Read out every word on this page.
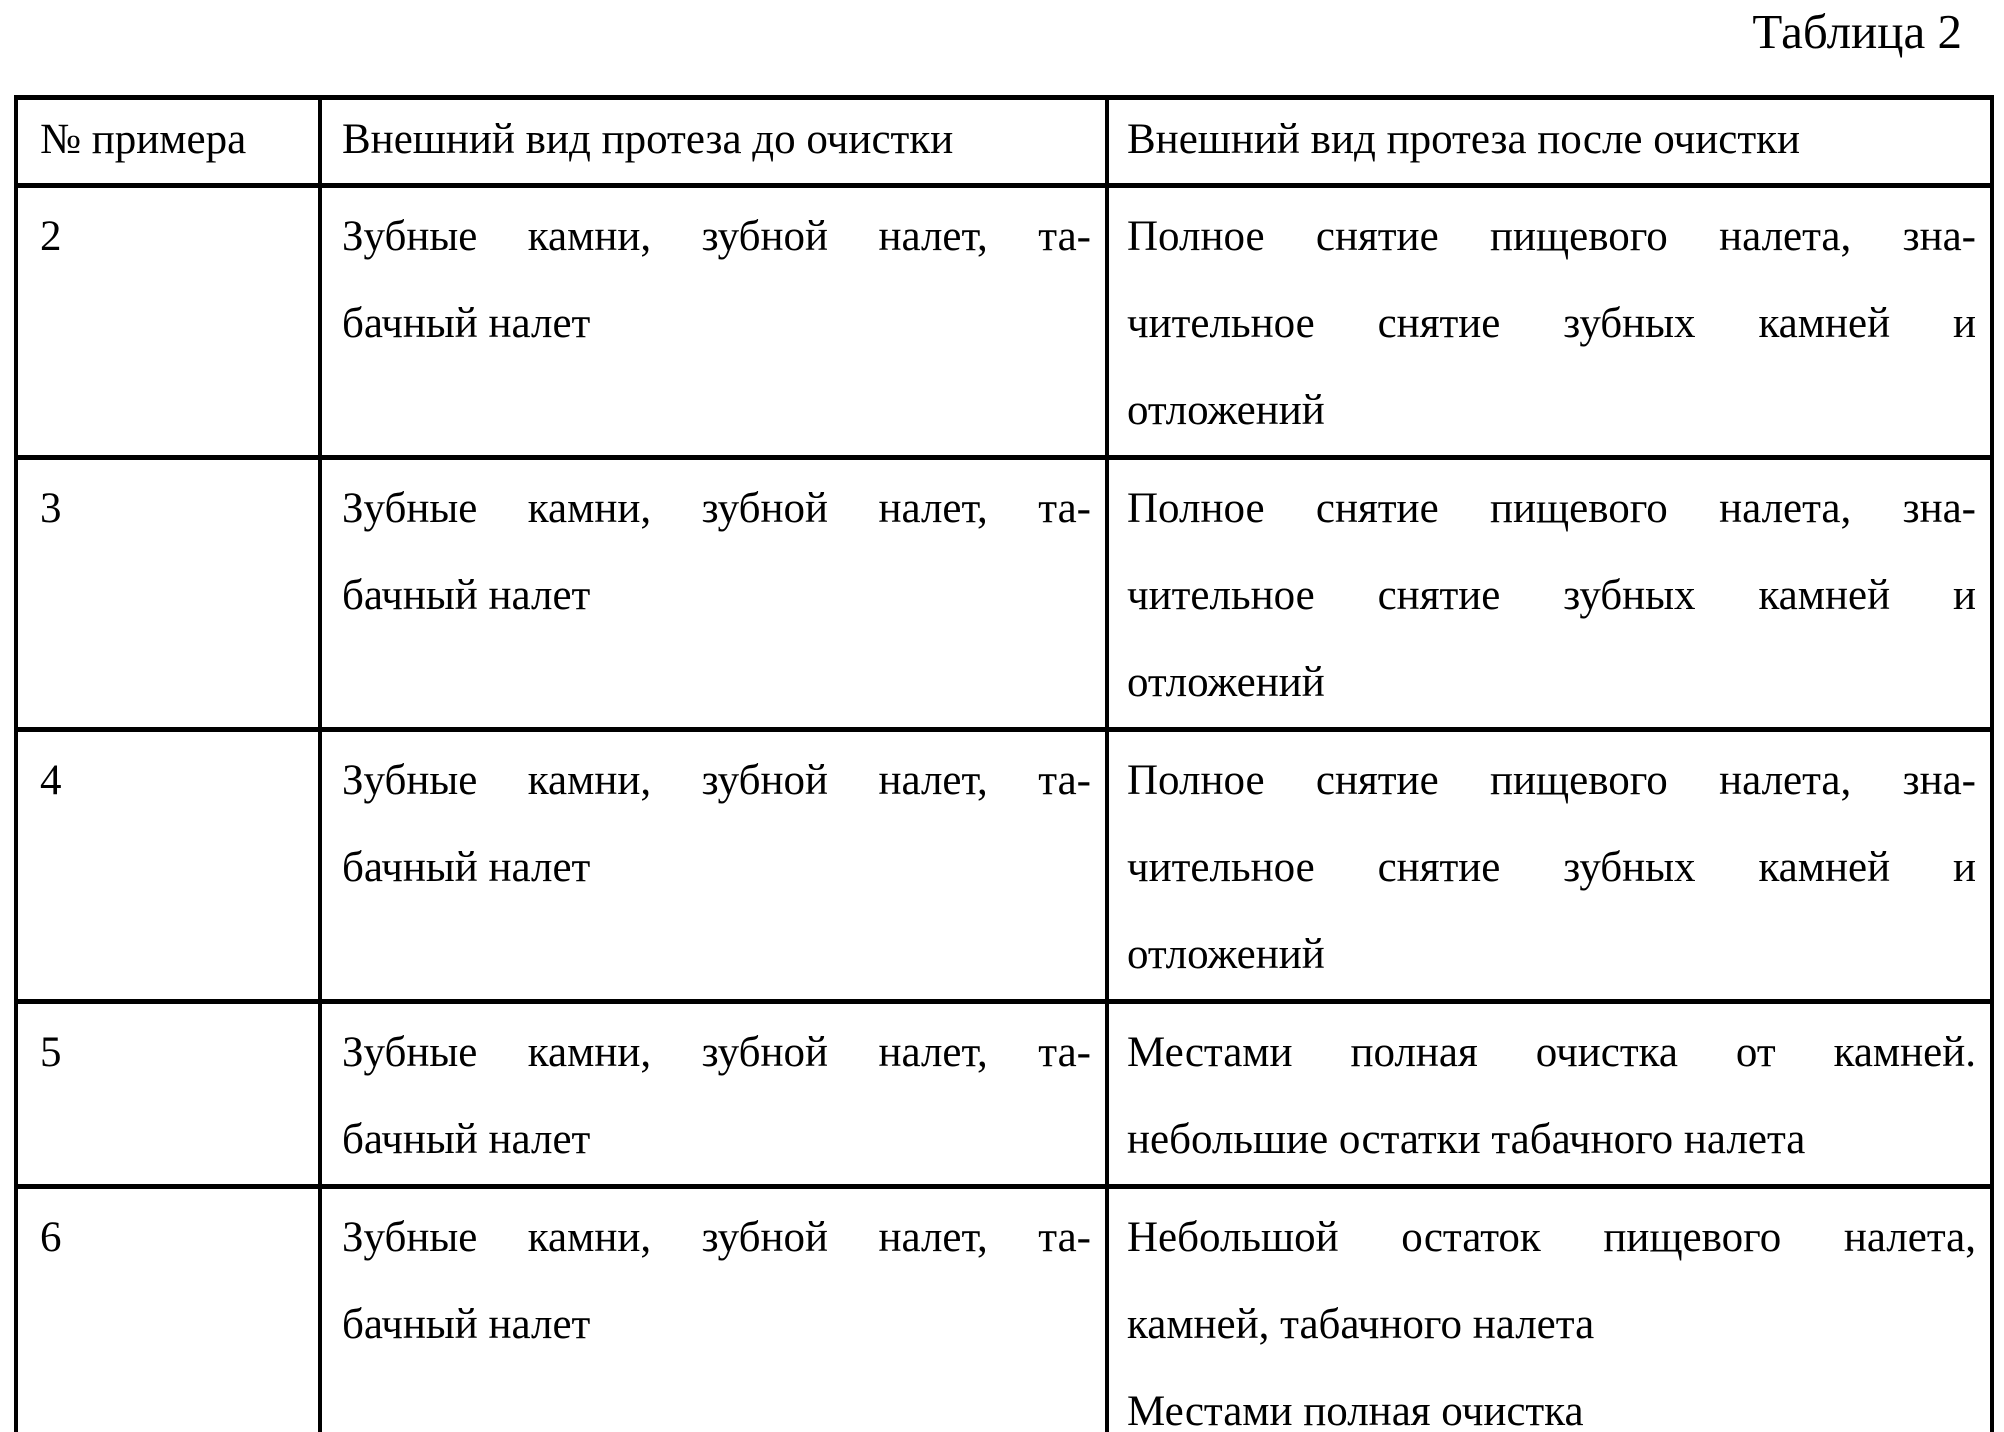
Таблица 2
№ примера	Внешний вид протеза до очистки	Внешний вид протеза после очистки
2	Зубные камни, зубной налет, та-
бачный налет	Полное снятие пищевого налета, зна-
чительное снятие зубных камней и
отложений

3	Зубные камни, зубной налет, та-
бачный налет	Полное снятие пищевого налета, зна-
чительное снятие зубных камней и
отложений

4	Зубные камни, зубной налет, та-
бачный налет	Полное снятие пищевого налета, зна-
чительное снятие зубных камней и
отложений

5	Зубные камни, зубной налет, та-
бачный налет	Местами полная очистка от камней.
небольшие остатки табачного налета

6	Зубные камни, зубной налет, та-
бачный налет	Небольшой остаток пищевого налета,
камней, табачного налета
Местами полная очистка
